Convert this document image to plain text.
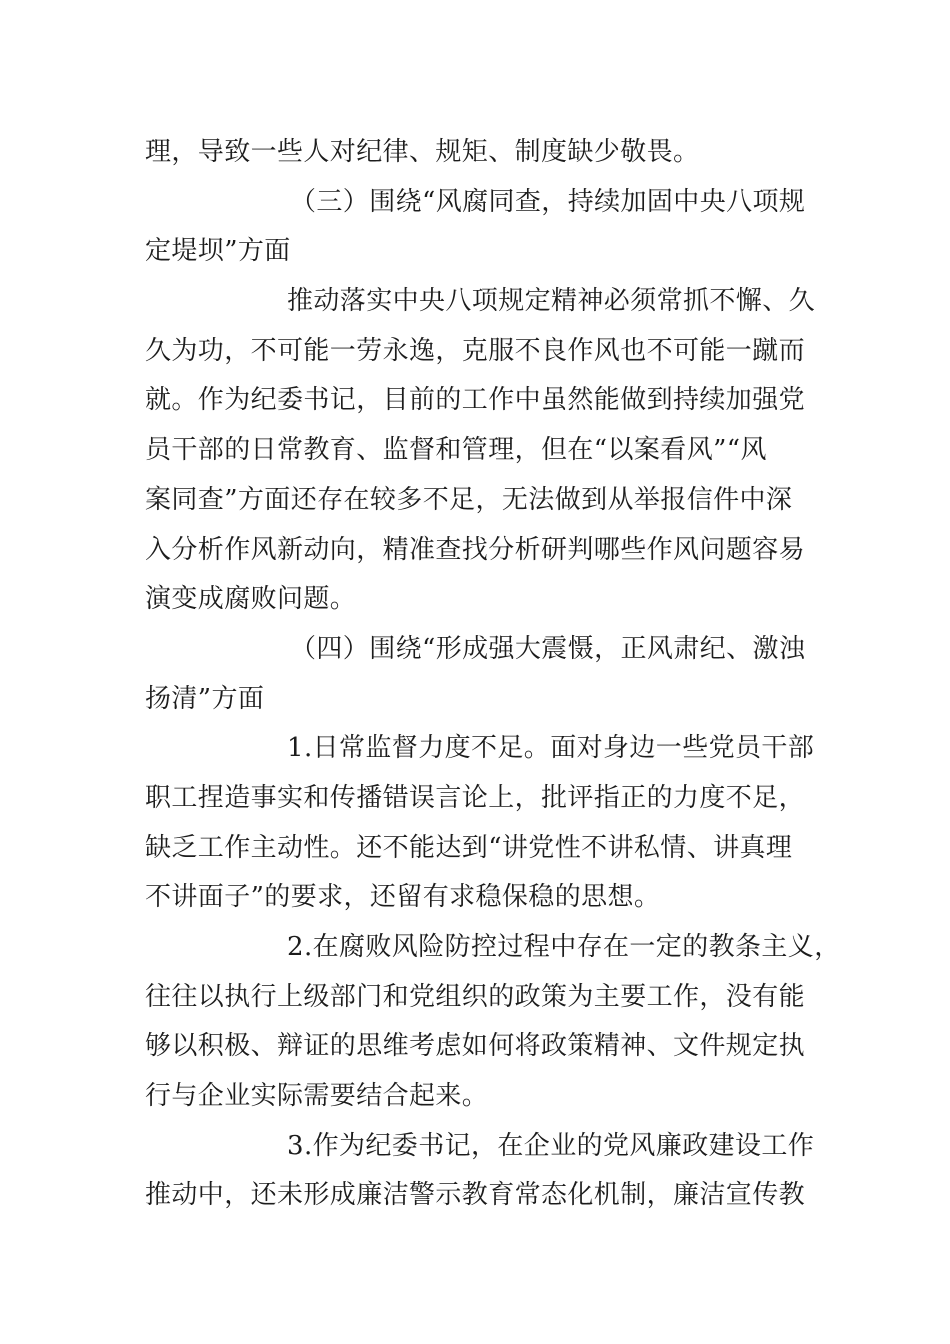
理，导致一些人对纪律、规矩、制度缺少敬畏。
（三）围绕“风腐同查，持续加固中央八项规
定堤坝”方面
推动落实中央八项规定精神必须常抓不懈、久
久为功，不可能一劳永逸，克服不良作风也不可能一蹴而
就。作为纪委书记，目前的工作中虽然能做到持续加强党
员干部的日常教育、监督和管理，但在“以案看风”“风
案同查”方面还存在较多不足，无法做到从举报信件中深
入分析作风新动向，精准查找分析研判哪些作风问题容易
演变成腐败问题。
（四）围绕“形成强大震慑，正风肃纪、激浊
扬清”方面
1.日常监督力度不足。面对身边一些党员干部
职工捏造事实和传播错误言论上，批评指正的力度不足，
缺乏工作主动性。还不能达到“讲党性不讲私情、讲真理
不讲面子”的要求，还留有求稳保稳的思想。
2.在腐败风险防控过程中存在一定的教条主义，
往往以执行上级部门和党组织的政策为主要工作，没有能
够以积极、辩证的思维考虑如何将政策精神、文件规定执
行与企业实际需要结合起来。
3.作为纪委书记，在企业的党风廉政建设工作
推动中，还未形成廉洁警示教育常态化机制，廉洁宣传教
